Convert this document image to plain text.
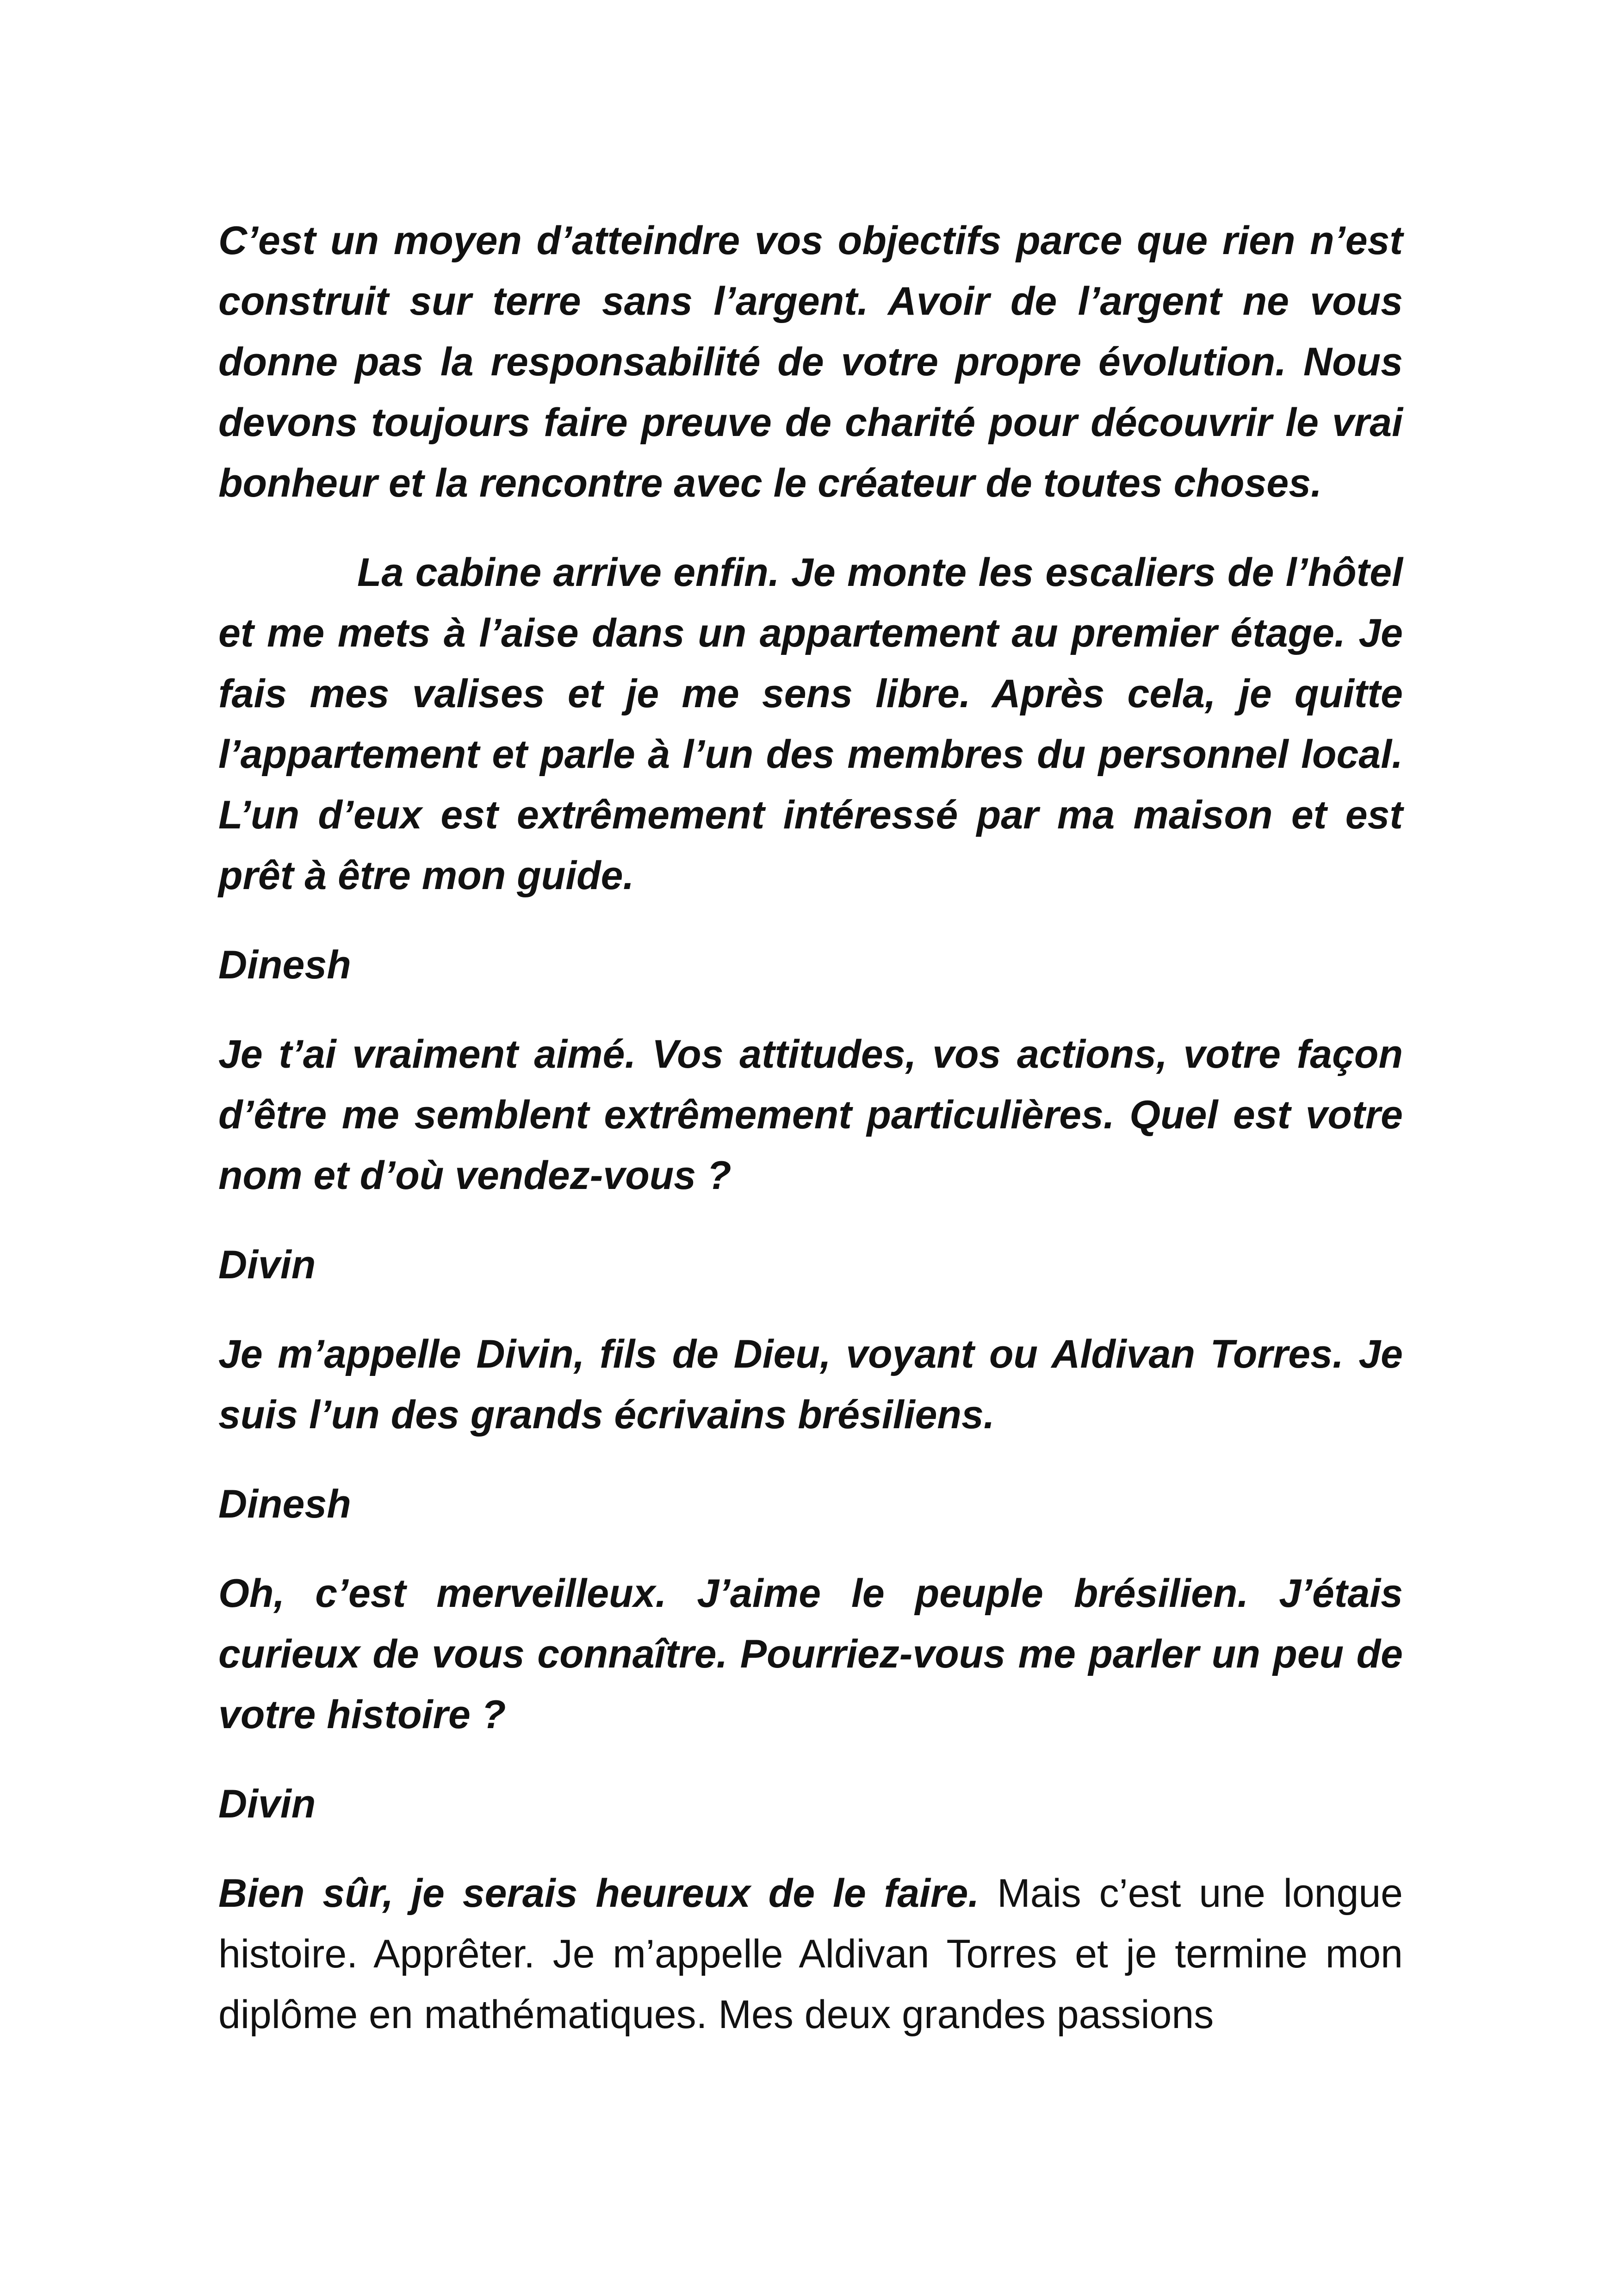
C’est un moyen d’atteindre vos objectifs parce que rien n’est construit sur terre sans l’argent. Avoir de l’argent ne vous donne pas la responsabilité de votre propre évolution. Nous devons toujours faire preuve de charité pour découvrir le vrai bonheur et la rencontre avec le créateur de toutes choses.

La cabine arrive enfin. Je monte les escaliers de l’hôtel et me mets à l’aise dans un appartement au premier étage. Je fais mes valises et je me sens libre. Après cela, je quitte l’appartement et parle à l’un des membres du personnel local. L’un d’eux est extrêmement intéressé par ma maison et est prêt à être mon guide.

Dinesh

Je t’ai vraiment aimé. Vos attitudes, vos actions, votre façon d’être me semblent extrêmement particulières. Quel est votre nom et d’où vendez-vous ?

Divin

Je m’appelle Divin, fils de Dieu, voyant ou Aldivan Torres. Je suis l’un des grands écrivains brésiliens.

Dinesh

Oh, c’est merveilleux. J’aime le peuple brésilien. J’étais curieux de vous connaître. Pourriez-vous me parler un peu de votre histoire ?

Divin

Bien sûr, je serais heureux de le faire. Mais c’est une longue histoire. Apprêter. Je m’appelle Aldivan Torres et je termine mon diplôme en mathématiques. Mes deux grandes passions
